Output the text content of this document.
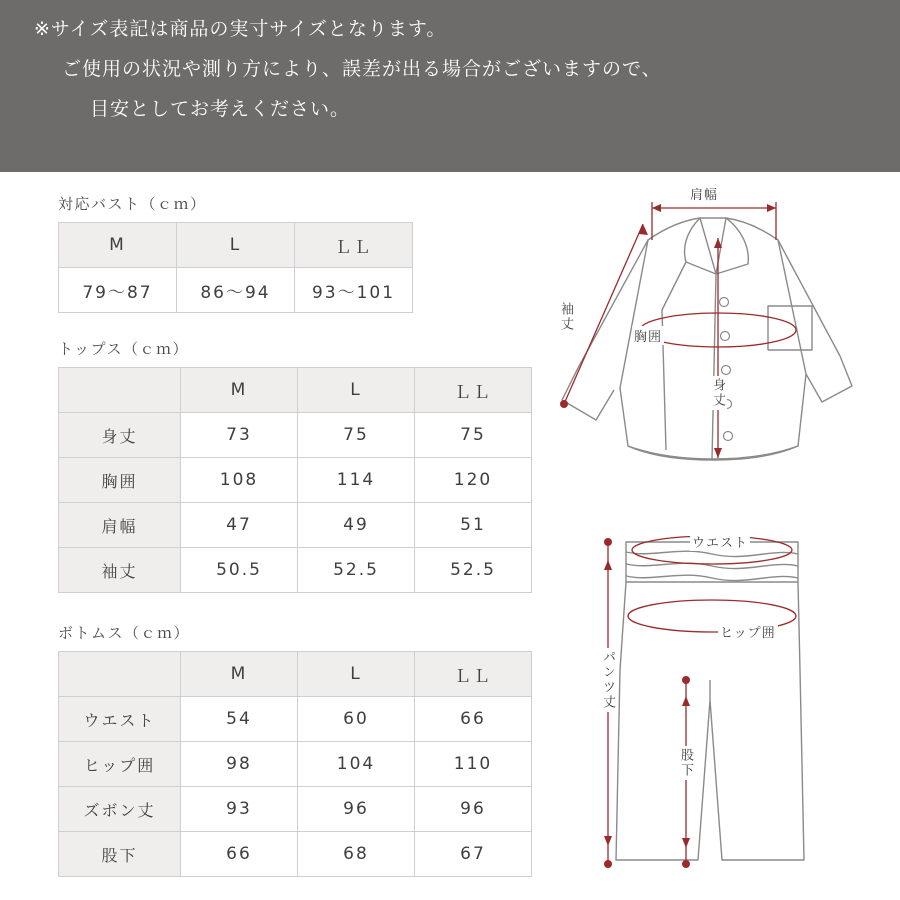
※サイズ表記は商品の実寸サイズとなります。
ご使用の状況や測り方により、誤差が出る場合がございますので、
目安としてお考えください。
対応バスト（ｃｍ）
M	L	ＬＬ
79〜87	86〜94	93〜101
トップス（ｃｍ）
	M	L	ＬＬ
身丈	73	75	75
胸囲	108	114	120
肩幅	47	49	51
袖丈	50.5	52.5	52.5
ボトムス（ｃｍ）
	M	L	ＬＬ
ウエスト	54	60	66
ヒップ囲	98	104	110
ズボン丈	93	96	96
股下	66	68	67
肩幅
袖丈
胸囲
身丈
ウエスト
ヒップ囲
パンツ丈
股下
